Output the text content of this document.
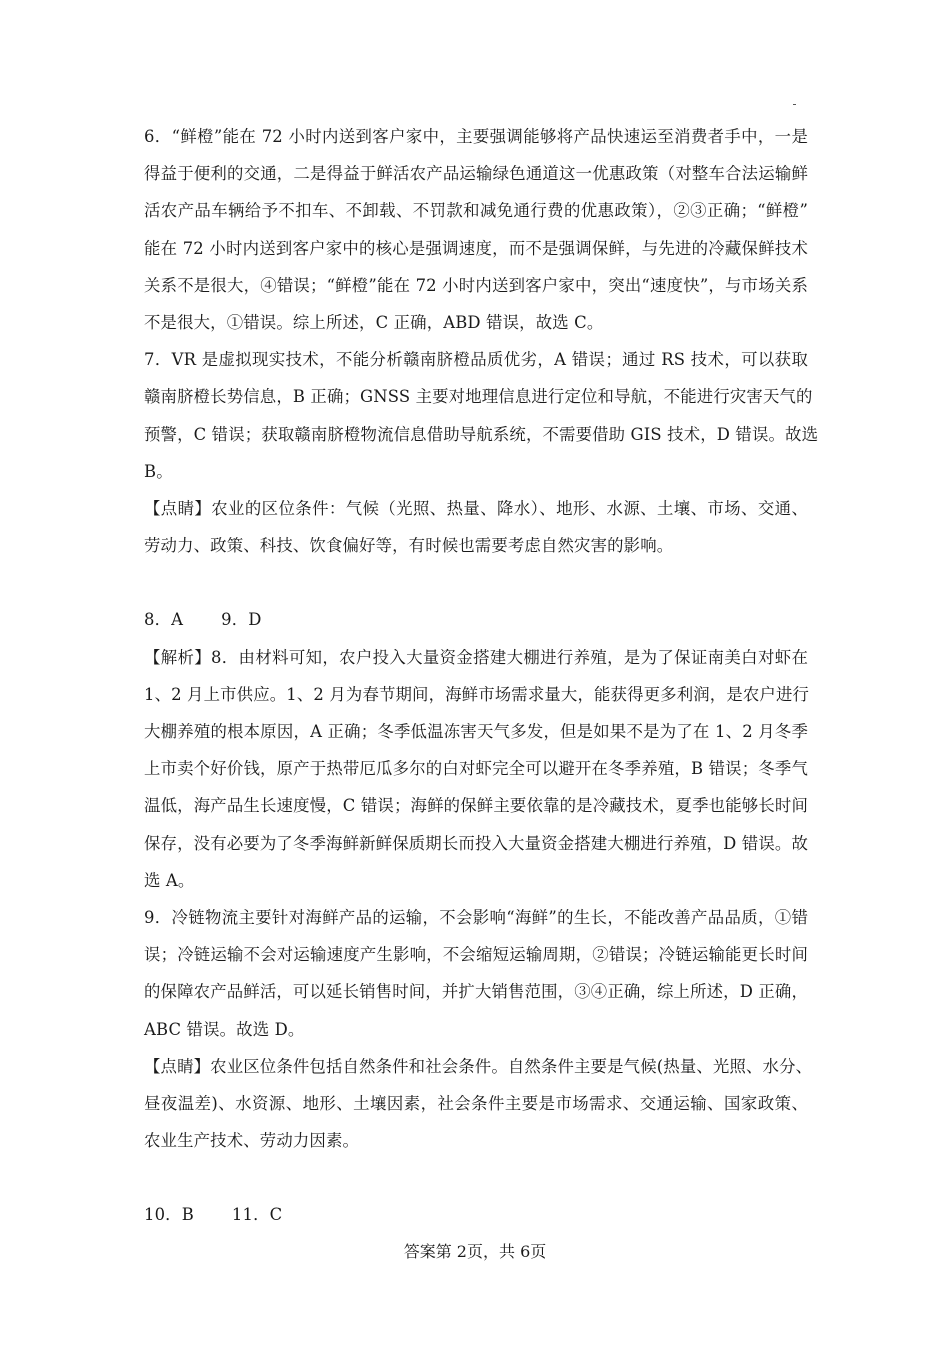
6．“鲜橙”能在 72 小时内送到客户家中，主要强调能够将产品快速运至消费者手中，一是
得益于便利的交通，二是得益于鲜活农产品运输绿色通道这一优惠政策（对整车合法运输鲜
活农产品车辆给予不扣车、不卸载、不罚款和减免通行费的优惠政策），②③正确；“鲜橙”
能在 72 小时内送到客户家中的核心是强调速度，而不是强调保鲜，与先进的冷藏保鲜技术
关系不是很大，④错误；“鲜橙”能在 72 小时内送到客户家中，突出“速度快”，与市场关系
不是很大，①错误。综上所述，C 正确，ABD 错误，故选 C。
7．VR 是虚拟现实技术，不能分析赣南脐橙品质优劣，A 错误；通过 RS 技术，可以获取
赣南脐橙长势信息，B 正确；GNSS 主要对地理信息进行定位和导航，不能进行灾害天气的
预警，C 错误；获取赣南脐橙物流信息借助导航系统，不需要借助 GIS 技术，D 错误。故选
B。
【点睛】农业的区位条件：气候（光照、热量、降水）、地形、水源、土壤、市场、交通、
劳动力、政策、科技、饮食偏好等，有时候也需要考虑自然灾害的影响。
8．A 9．D
【解析】8．由材料可知，农户投入大量资金搭建大棚进行养殖，是为了保证南美白对虾在
1、2 月上市供应。1、2 月为春节期间，海鲜市场需求量大，能获得更多利润，是农户进行
大棚养殖的根本原因，A 正确；冬季低温冻害天气多发，但是如果不是为了在 1、2 月冬季
上市卖个好价钱，原产于热带厄瓜多尔的白对虾完全可以避开在冬季养殖，B 错误；冬季气
温低，海产品生长速度慢，C 错误；海鲜的保鲜主要依靠的是冷藏技术，夏季也能够长时间
保存，没有必要为了冬季海鲜新鲜保质期长而投入大量资金搭建大棚进行养殖，D 错误。故
选 A。
9．冷链物流主要针对海鲜产品的运输，不会影响“海鲜”的生长，不能改善产品品质，①错
误；冷链运输不会对运输速度产生影响，不会缩短运输周期，②错误；冷链运输能更长时间
的保障农产品鲜活，可以延长销售时间，并扩大销售范围，③④正确，综上所述，D 正确，
ABC 错误。故选 D。
【点睛】农业区位条件包括自然条件和社会条件。自然条件主要是气候(热量、光照、水分、
昼夜温差)、水资源、地形、土壤因素，社会条件主要是市场需求、交通运输、国家政策、
农业生产技术、劳动力因素。
10．B 11．C
答案第 2页，共 6页
